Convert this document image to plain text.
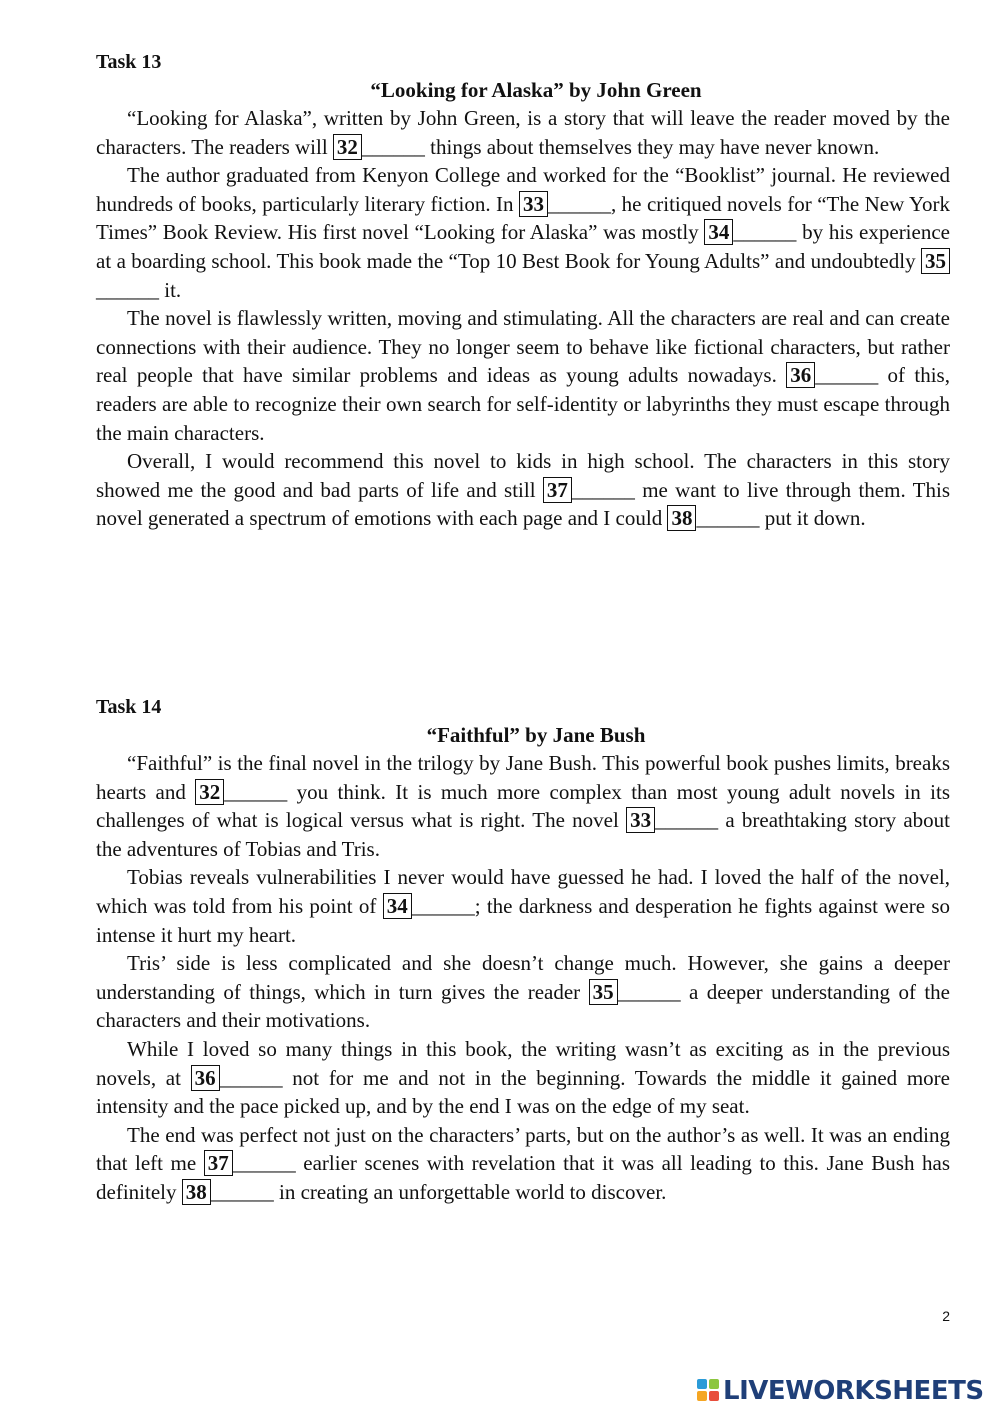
Task 13

“Looking for Alaska” by John Green

“Looking for Alaska”, written by John Green, is a story that will leave the reader moved by the characters. The readers will 32 ______ things about themselves they may have never known.

The author graduated from Kenyon College and worked for the “Booklist” journal. He reviewed hundreds of books, particularly literary fiction. In 33 ______, he critiqued novels for “The New York Times” Book Review. His first novel “Looking for Alaska” was mostly 34 ______ by his experience at a boarding school. This book made the “Top 10 Best Book for Young Adults” and undoubtedly 35______ it.

The novel is flawlessly written, moving and stimulating. All the characters are real and can create connections with their audience. They no longer seem to behave like fictional characters, but rather real people that have similar problems and ideas as young adults nowadays. 36 ______ of this, readers are able to recognize their own search for self-identity or labyrinths they must escape through the main characters.

Overall, I would recommend this novel to kids in high school. The characters in this story showed me the good and bad parts of life and still 37 ______ me want to live through them. This novel generated a spectrum of emotions with each page and I could 38 ______ put it down.

Task 14

“Faithful” by Jane Bush

“Faithful” is the final novel in the trilogy by Jane Bush. This powerful book pushes limits, breaks hearts and 32 ______ you think. It is much more complex than most young adult novels in its challenges of what is logical versus what is right. The novel 33 ______ a breathtaking story about the adventures of Tobias and Tris.

Tobias reveals vulnerabilities I never would have guessed he had. I loved the half of the novel, which was told from his point of 34 ______; the darkness and desperation he fights against were so intense it hurt my heart.

Tris’ side is less complicated and she doesn’t change much. However, she gains a deeper understanding of things, which in turn gives the reader 35 ______ a deeper understanding of the characters and their motivations.

While I loved so many things in this book, the writing wasn’t as exciting as in the previous novels, at 36 ______ not for me and not in the beginning. Towards the middle it gained more intensity and the pace picked up, and by the end I was on the edge of my seat.

The end was perfect not just on the characters’ parts, but on the author’s as well. It was an ending that left me 37 ______ earlier scenes with revelation that it was all leading to this. Jane Bush has definitely 38 ______ in creating an unforgettable world to discover.

2
LIVEWORKSHEETS
